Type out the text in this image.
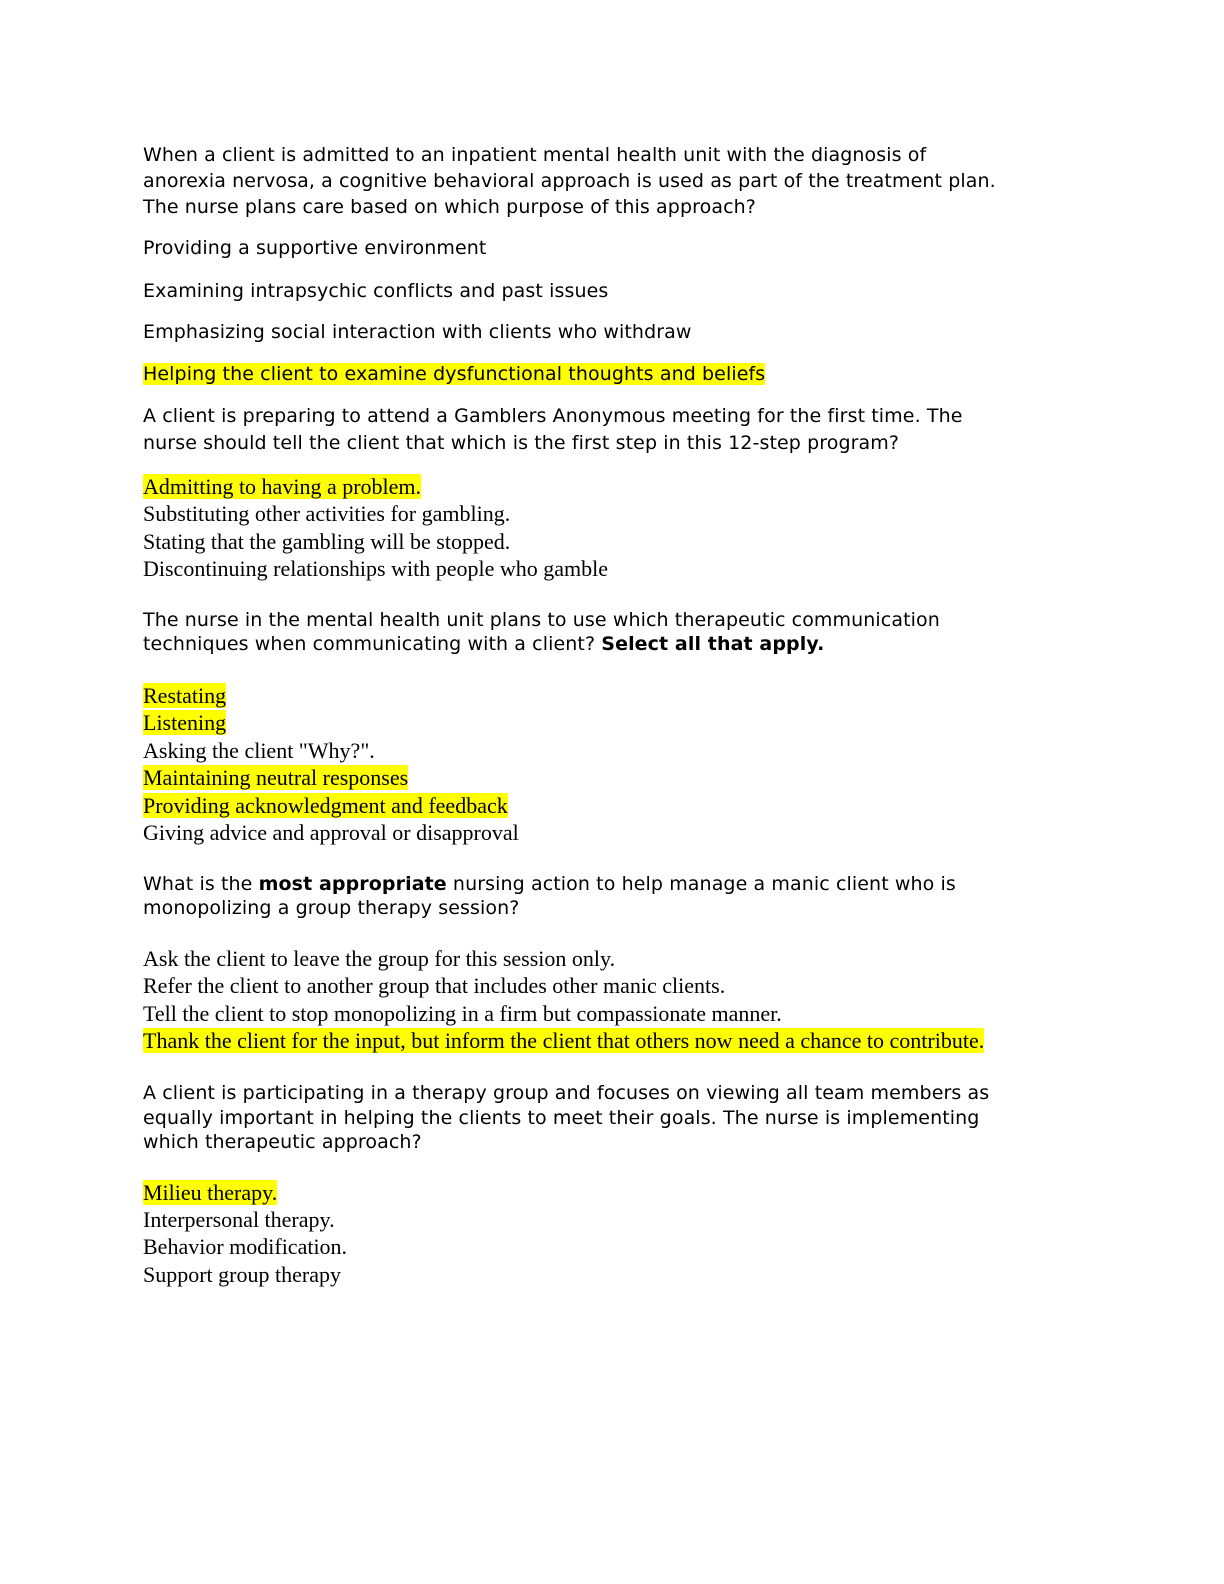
When a client is admitted to an inpatient mental health unit with the diagnosis of
anorexia nervosa, a cognitive behavioral approach is used as part of the treatment plan.
The nurse plans care based on which purpose of this approach?
Providing a supportive environment
Examining intrapsychic conflicts and past issues
Emphasizing social interaction with clients who withdraw
Helping the client to examine dysfunctional thoughts and beliefs
A client is preparing to attend a Gamblers Anonymous meeting for the first time. The
nurse should tell the client that which is the first step in this 12-step program?
Admitting to having a problem.
Substituting other activities for gambling.
Stating that the gambling will be stopped.
Discontinuing relationships with people who gamble
The nurse in the mental health unit plans to use which therapeutic communication
techniques when communicating with a client? Select all that apply.
Restating
Listening
Asking the client "Why?".
Maintaining neutral responses
Providing acknowledgment and feedback
Giving advice and approval or disapproval
What is the most appropriate nursing action to help manage a manic client who is
monopolizing a group therapy session?
Ask the client to leave the group for this session only.
Refer the client to another group that includes other manic clients.
Tell the client to stop monopolizing in a firm but compassionate manner.
Thank the client for the input, but inform the client that others now need a chance to contribute.
A client is participating in a therapy group and focuses on viewing all team members as
equally important in helping the clients to meet their goals. The nurse is implementing
which therapeutic approach?
Milieu therapy.
Interpersonal therapy.
Behavior modification.
Support group therapy
